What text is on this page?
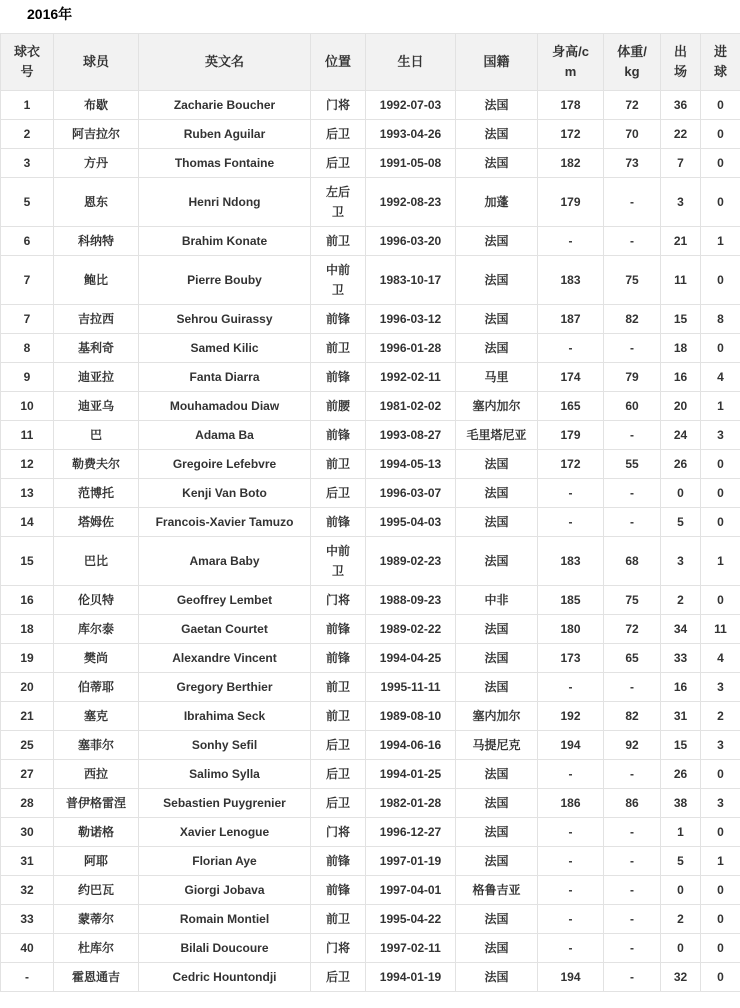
2016年
球衣号	球员	英文名	位置	生日	国籍	身高/cm	体重/kg	出场	进球
1	布歇	Zacharie Boucher	门将	1992-07-03	法国	178	72	36	0
2	阿吉拉尔	Ruben Aguilar	后卫	1993-04-26	法国	172	70	22	0
3	方丹	Thomas Fontaine	后卫	1991-05-08	法国	182	73	7	0
5	恩东	Henri Ndong	左后卫	1992-08-23	加蓬	179	-	3	0
6	科纳特	Brahim Konate	前卫	1996-03-20	法国	-	-	21	1
7	鲍比	Pierre Bouby	中前卫	1983-10-17	法国	183	75	11	0
7	吉拉西	Sehrou Guirassy	前锋	1996-03-12	法国	187	82	15	8
8	基利奇	Samed Kilic	前卫	1996-01-28	法国	-	-	18	0
9	迪亚拉	Fanta Diarra	前锋	1992-02-11	马里	174	79	16	4
10	迪亚乌	Mouhamadou Diaw	前腰	1981-02-02	塞内加尔	165	60	20	1
11	巴	Adama Ba	前锋	1993-08-27	毛里塔尼亚	179	-	24	3
12	勒费夫尔	Gregoire Lefebvre	前卫	1994-05-13	法国	172	55	26	0
13	范博托	Kenji Van Boto	后卫	1996-03-07	法国	-	-	0	0
14	塔姆佐	Francois-Xavier Tamuzo	前锋	1995-04-03	法国	-	-	5	0
15	巴比	Amara Baby	中前卫	1989-02-23	法国	183	68	3	1
16	伦贝特	Geoffrey Lembet	门将	1988-09-23	中非	185	75	2	0
18	库尔泰	Gaetan Courtet	前锋	1989-02-22	法国	180	72	34	11
19	樊尚	Alexandre Vincent	前锋	1994-04-25	法国	173	65	33	4
20	伯蒂耶	Gregory Berthier	前卫	1995-11-11	法国	-	-	16	3
21	塞克	Ibrahima Seck	前卫	1989-08-10	塞内加尔	192	82	31	2
25	塞菲尔	Sonhy Sefil	后卫	1994-06-16	马提尼克	194	92	15	3
27	西拉	Salimo Sylla	后卫	1994-01-25	法国	-	-	26	0
28	普伊格雷涅	Sebastien Puygrenier	后卫	1982-01-28	法国	186	86	38	3
30	勒诺格	Xavier Lenogue	门将	1996-12-27	法国	-	-	1	0
31	阿耶	Florian Aye	前锋	1997-01-19	法国	-	-	5	1
32	约巴瓦	Giorgi Jobava	前锋	1997-04-01	格鲁吉亚	-	-	0	0
33	蒙蒂尔	Romain Montiel	前卫	1995-04-22	法国	-	-	2	0
40	杜库尔	Bilali Doucoure	门将	1997-02-11	法国	-	-	0	0
-	霍恩通吉	Cedric Hountondji	后卫	1994-01-19	法国	194	-	32	0
